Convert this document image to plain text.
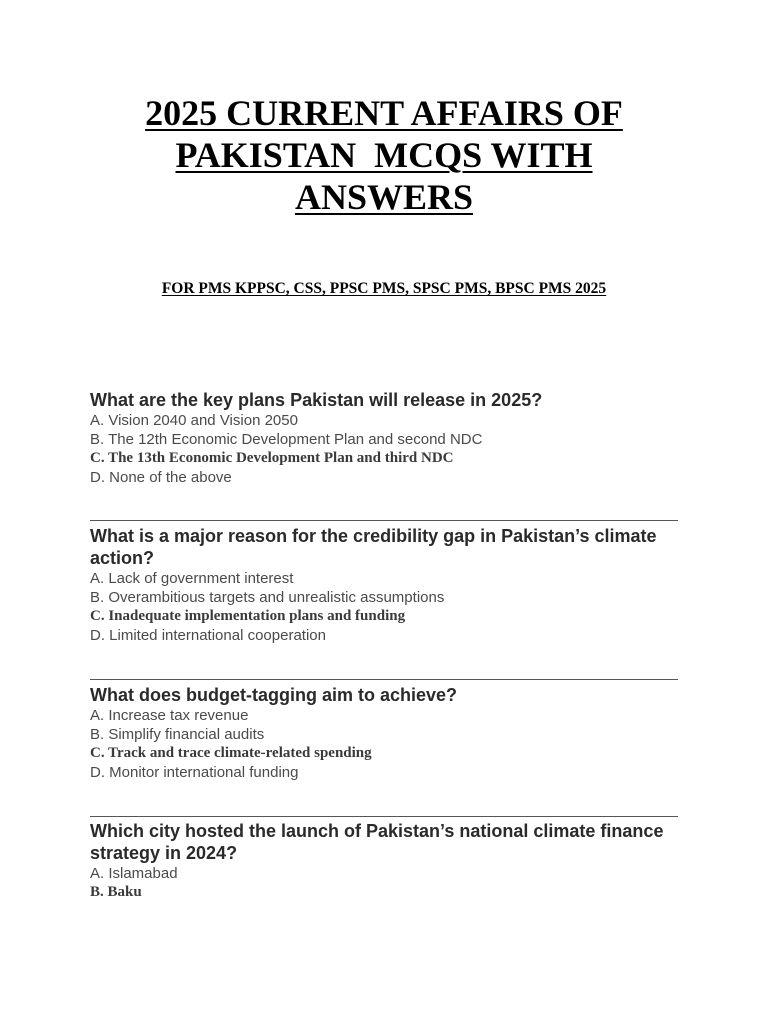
2025 CURRENT AFFAIRS OF
PAKISTAN  MCQS WITH
ANSWERS
FOR PMS KPPSC, CSS, PPSC PMS, SPSC PMS, BPSC PMS 2025

What are the key plans Pakistan will release in 2025?

A. Vision 2040 and Vision 2050

B. The 12th Economic Development Plan and second NDC

C. The 13th Economic Development Plan and third NDC

D. None of the above

What is a major reason for the credibility gap in Pakistan’s climate action?

A. Lack of government interest

B. Overambitious targets and unrealistic assumptions

C. Inadequate implementation plans and funding

D. Limited international cooperation

What does budget-tagging aim to achieve?

A. Increase tax revenue

B. Simplify financial audits

C. Track and trace climate-related spending

D. Monitor international funding

Which city hosted the launch of Pakistan’s national climate finance strategy in 2024?

A. Islamabad

B. Baku
